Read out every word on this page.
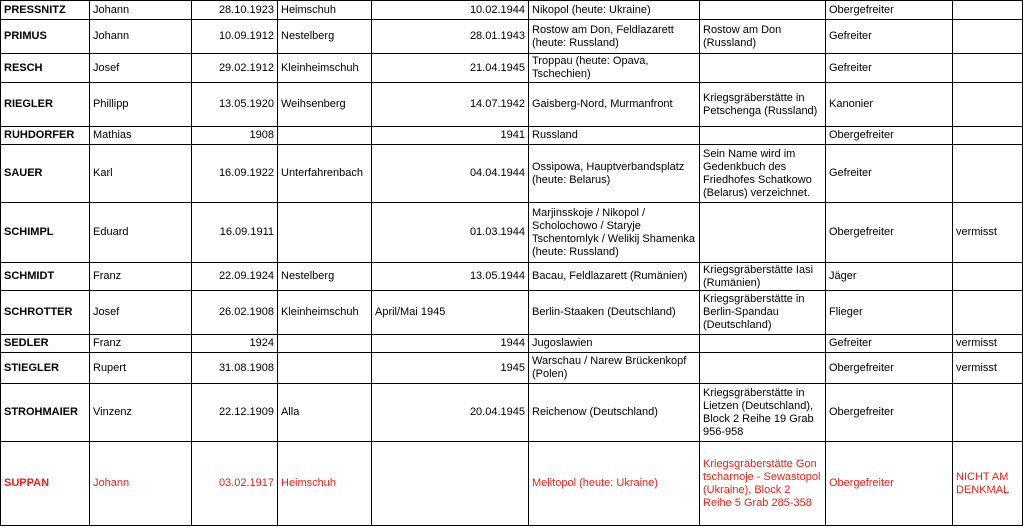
PRESSNITZ	Johann	28.10.1923	Heimschuh	10.02.1944	Nikopol (heute: Ukraine)		Obergefreiter	
PRIMUS	Johann	10.09.1912	Nestelberg	28.01.1943	Rostow am Don, Feldlazarett (heute: Russland)	Rostow am Don (Russland)	Gefreiter	
RESCH	Josef	29.02.1912	Kleinheimschuh	21.04.1945	Troppau (heute: Opava, Tschechien)		Gefreiter	
RIEGLER	Phillipp	13.05.1920	Weihsenberg	14.07.1942	Gaisberg-Nord, Murmanfront	Kriegsgräberstätte in Petschenga (Russland)	Kanonier	
RUHDORFER	Mathias	1908		1941	Russland		Obergefreiter	
SAUER	Karl	16.09.1922	Unterfahrenbach	04.04.1944	Ossipowa, Hauptverbandsplatz (heute: Belarus)	Sein Name wird im Gedenkbuch des Friedhofes Schatkowo (Belarus) verzeichnet.	Gefreiter	
SCHIMPL	Eduard	16.09.1911		01.03.1944	Marjinsskoje / Nikopol / Scholochowo / Staryje Tschentomlyk / Welikij Shamenka (heute: Russland)		Obergefreiter	vermisst
SCHMIDT	Franz	22.09.1924	Nestelberg	13.05.1944	Bacau, Feldlazarett (Rumänien)	Kriegsgräberstätte Iasi (Rumänien)	Jäger	
SCHROTTER	Josef	26.02.1908	Kleinheimschuh	April/Mai 1945	Berlin-Staaken (Deutschland)	Kriegsgräberstätte in Berlin-Spandau (Deutschland)	Flieger	
SEDLER	Franz	1924		1944	Jugoslawien		Gefreiter	vermisst
STIEGLER	Rupert	31.08.1908		1945	Warschau / Narew Brückenkopf (Polen)		Obergefreiter	vermisst
STROHMAIER	Vinzenz	22.12.1909	Alla	20.04.1945	Reichenow (Deutschland)	Kriegsgräberstätte in Lietzen (Deutschland), Block 2 Reihe 19 Grab 956-958	Obergefreiter	
SUPPAN	Johann	03.02.1917	Heimschuh		Melitopol (heute: Ukraine)	Kriegsgräberstätte Gon tscharnoje - Sewastopol (Ukraine), Block 2 Reihe 5 Grab 285-358	Obergefreiter	NICHT AM DENKMAL
